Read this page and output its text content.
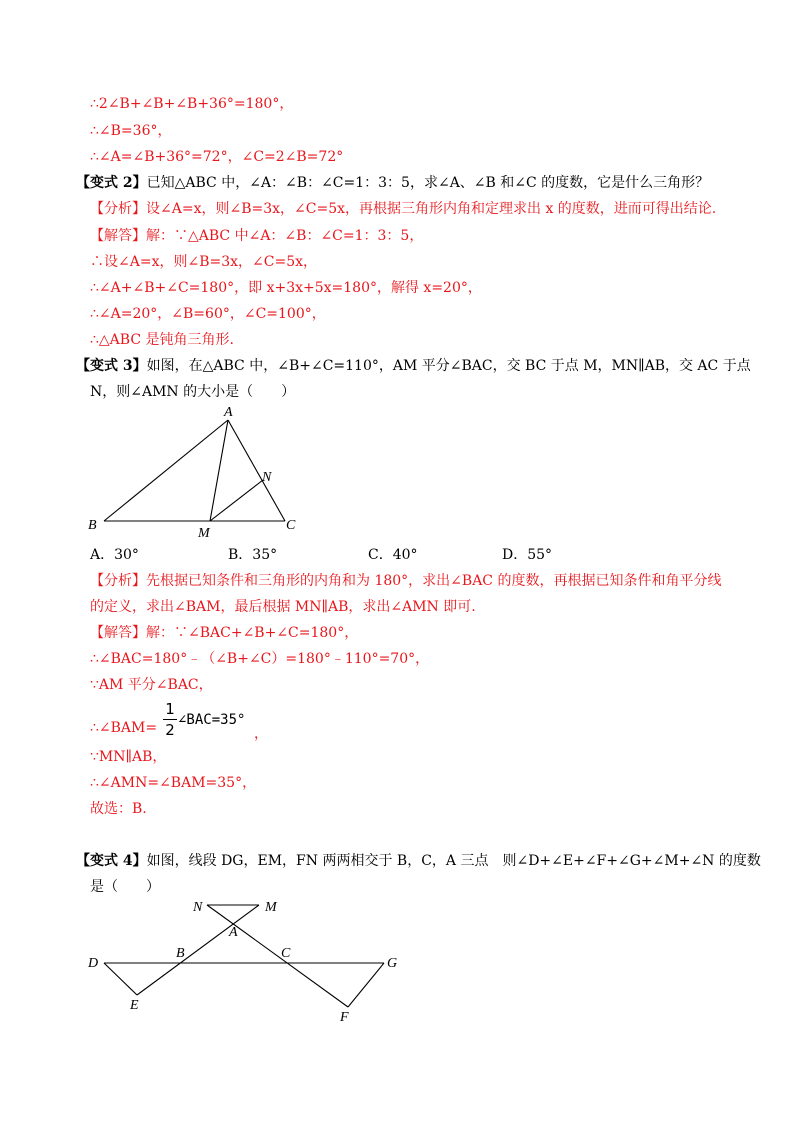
∴2∠B+∠B+∠B+36°=180°，
∴∠B=36°，
∴∠A=∠B+36°=72°，∠C=2∠B=72°
【变式 2】已知△ABC 中，∠A：∠B：∠C=1：3：5，求∠A、∠B 和∠C 的度数，它是什么三角形？
【分析】设∠A=x，则∠B=3x，∠C=5x，再根据三角形内角和定理求出 x 的度数，进而可得出结论.
【解答】解：∵△ABC 中∠A：∠B：∠C=1：3：5，
∴设∠A=x，则∠B=3x，∠C=5x，
∴∠A+∠B+∠C=180°，即 x+3x+5x=180°，解得 x=20°，
∴∠A=20°，∠B=60°，∠C=100°，
∴△ABC 是钝角三角形.
【变式 3】如图，在△ABC 中，∠B+∠C=110°，AM 平分∠BAC，交 BC 于点 M，MN∥AB，交 AC 于点
N，则∠AMN 的大小是（　　）
A
B	C
M
N
A．30°	B．35°	C．40°	D．55°
【分析】先根据已知条件和三角形的内角和为 180°，求出∠BAC 的度数，再根据已知条件和角平分线
的定义，求出∠BAM，最后根据 MN∥AB，求出∠AMN 即可.
【解答】解：∵∠BAC+∠B+∠C=180°，
∴∠BAC=180°﹣（∠B+∠C）=180°﹣110°=70°，
∵AM 平分∠BAC，
∴∠BAM=
1
2
∠BAC=35°
，
∵MN∥AB，
∴∠AMN=∠BAM=35°，
故选：B.
【变式 4】如图，线段 DG，EM，FN 两两相交于 B，C，A 三点　则∠D+∠E+∠F+∠G+∠M+∠N 的度数
是（　　）
N	M
A
D
B	C
G
E
F
